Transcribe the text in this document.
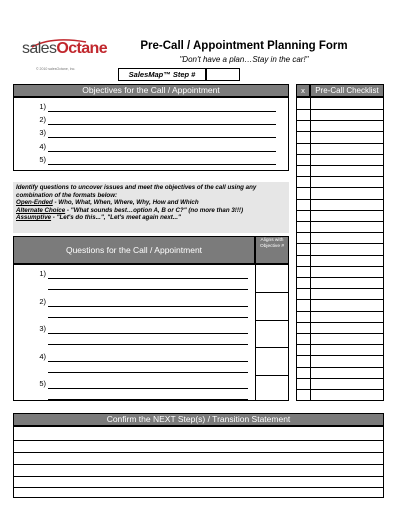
salesOctane
© 2010 salesOctane, Inc.
Pre-Call / Appointment Planning Form
"Don't have a plan…Stay in the car!"
SalesMap™ Step #
Objectives for the Call / Appointment
1)
2)
3)
4)
5)
x	Pre-Call Checklist
Identify questions to uncover issues and meet the objectives of the call using any combination of the formats below:
Open-Ended - Who, What, When, Where, Why, How and Which
Alternate Choice - "What sounds best…option A, B or C?" (no more than 3!!!)
Assumptive - "Let's do this...", "Let's meet again next..."
Questions for the Call / Appointment
Aligns with Objective #
1)
2)
3)
4)
5)
Confirm the NEXT Step(s) / Transition Statement
